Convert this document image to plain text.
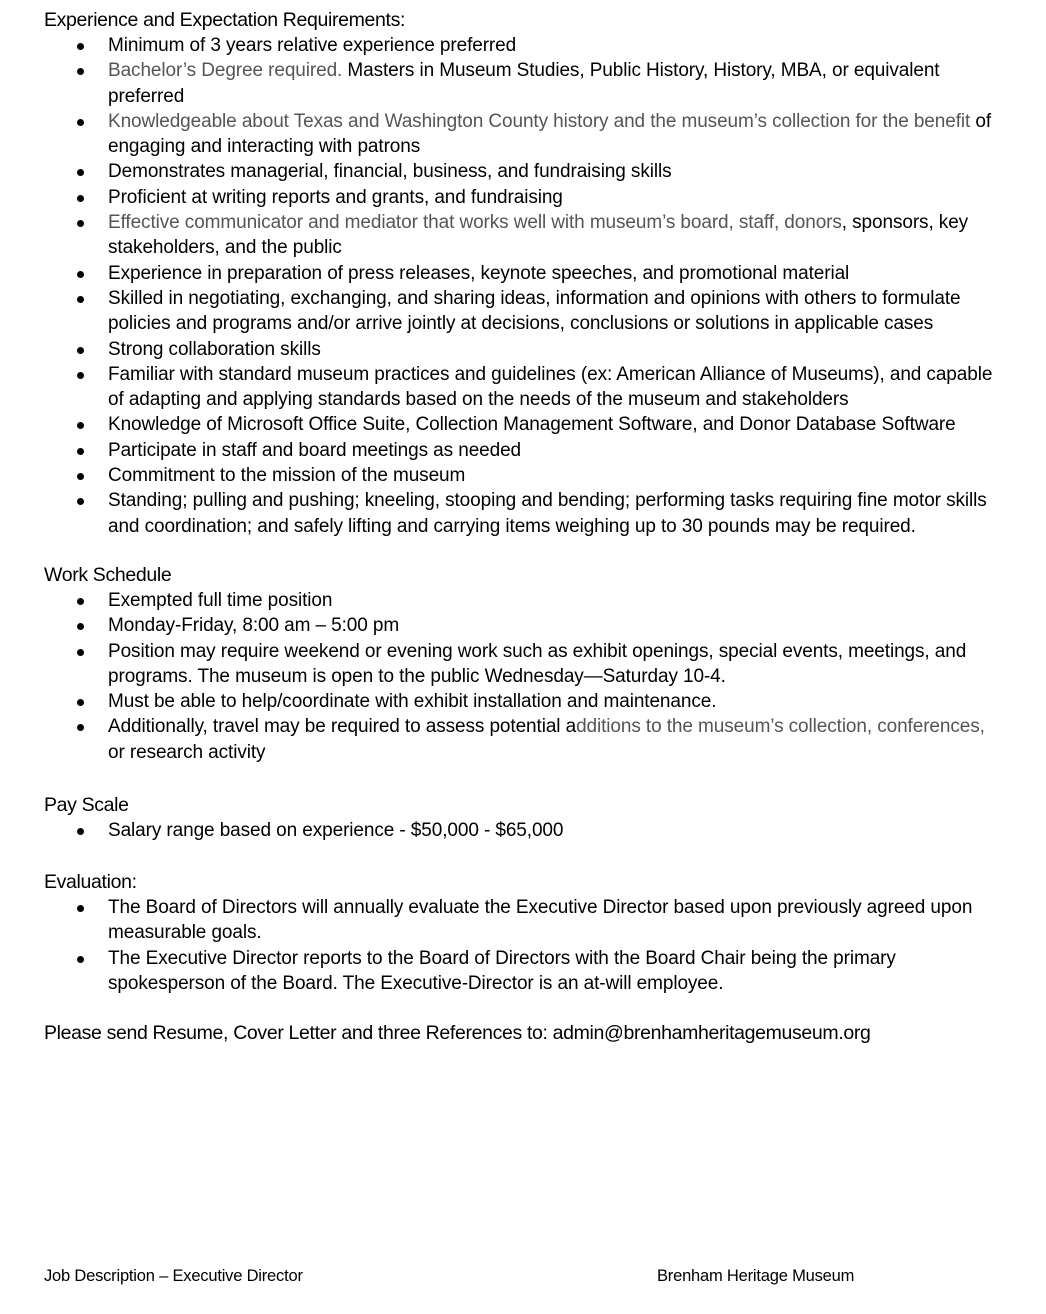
Experience and Expectation Requirements:
Minimum of 3 years relative experience preferred
Bachelor’s Degree required. Masters in Museum Studies, Public History, History, MBA, or equivalent preferred
Knowledgeable about Texas and Washington County history and the museum’s collection for the benefit of engaging and interacting with patrons
Demonstrates managerial, financial, business, and fundraising skills
Proficient at writing reports and grants, and fundraising
Effective communicator and mediator that works well with museum’s board, staff, donors, sponsors, key stakeholders, and the public
Experience in preparation of press releases, keynote speeches, and promotional material
Skilled in negotiating, exchanging, and sharing ideas, information and opinions with others to formulate policies and programs and/or arrive jointly at decisions, conclusions or solutions in applicable cases
Strong collaboration skills
Familiar with standard museum practices and guidelines (ex: American Alliance of Museums), and capable of adapting and applying standards based on the needs of the museum and stakeholders
Knowledge of Microsoft Office Suite, Collection Management Software, and Donor Database Software
Participate in staff and board meetings as needed
Commitment to the mission of the museum
Standing; pulling and pushing; kneeling, stooping and bending; performing tasks requiring fine motor skills and coordination; and safely lifting and carrying items weighing up to 30 pounds may be required.
Work Schedule
Exempted full time position
Monday-Friday, 8:00 am – 5:00 pm
Position may require weekend or evening work such as exhibit openings, special events, meetings, and programs. The museum is open to the public Wednesday—Saturday 10-4.
Must be able to help/coordinate with exhibit installation and maintenance.
Additionally, travel may be required to assess potential additions to the museum’s collection, conferences, or research activity
Pay Scale
Salary range based on experience - $50,000 - $65,000
Evaluation:
The Board of Directors will annually evaluate the Executive Director based upon previously agreed upon measurable goals.
The Executive Director reports to the Board of Directors with the Board Chair being the primary spokesperson of the Board. The Executive-Director is an at-will employee.
Please send Resume, Cover Letter and three References to: admin@brenhamheritagemuseum.org
Job Description – Executive Director	Brenham Heritage Museum
